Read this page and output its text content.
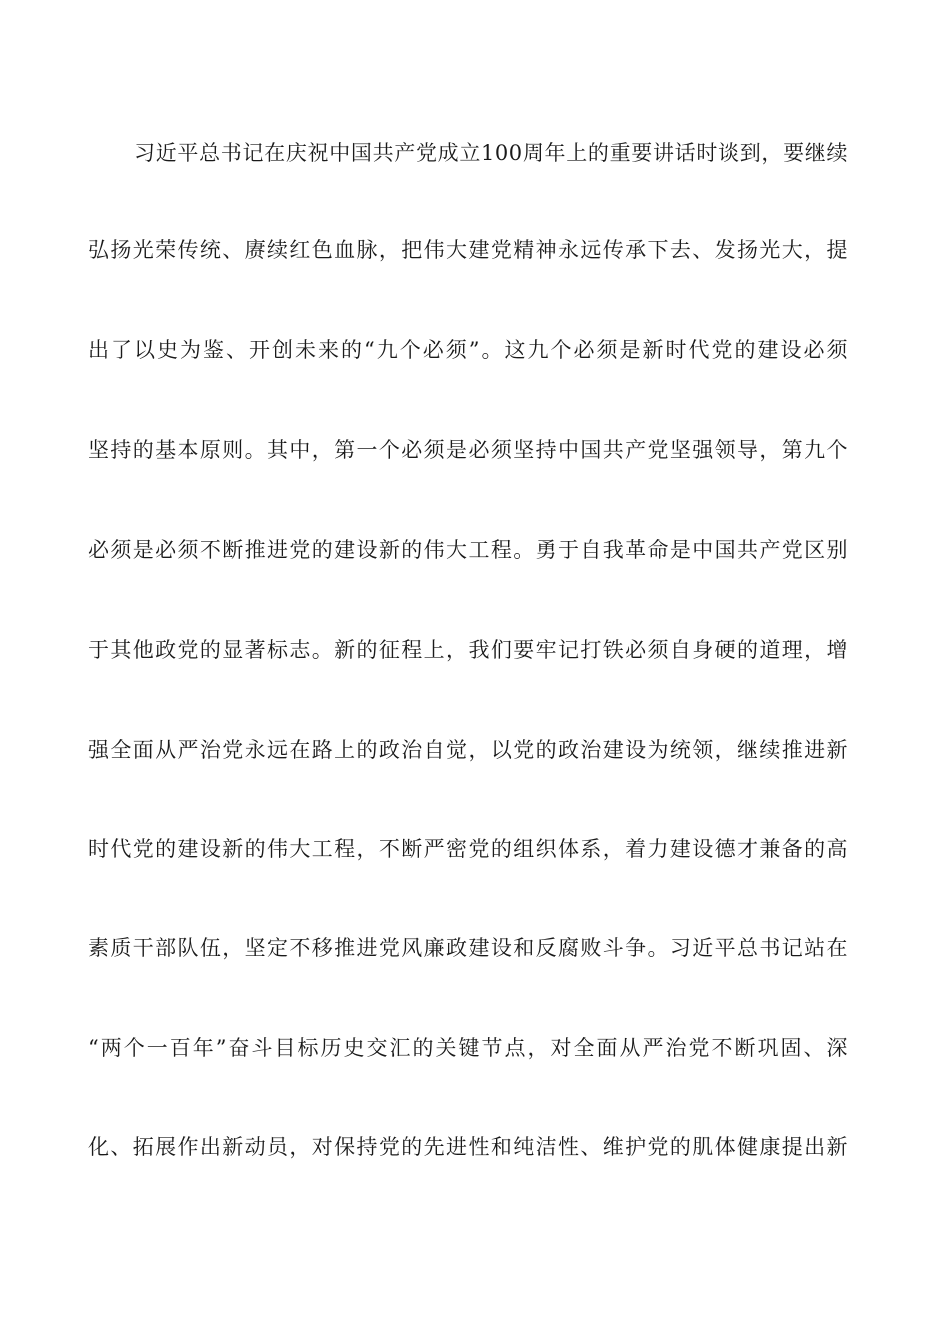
习近平总书记在庆祝中国共产党成立100周年上的重要讲话时谈到，要继续
弘扬光荣传统、赓续红色血脉，把伟大建党精神永远传承下去、发扬光大，提
出了以史为鉴、开创未来的“九个必须”。这九个必须是新时代党的建设必须
坚持的基本原则。其中，第一个必须是必须坚持中国共产党坚强领导，第九个
必须是必须不断推进党的建设新的伟大工程。勇于自我革命是中国共产党区别
于其他政党的显著标志。新的征程上，我们要牢记打铁必须自身硬的道理，增
强全面从严治党永远在路上的政治自觉，以党的政治建设为统领，继续推进新
时代党的建设新的伟大工程，不断严密党的组织体系，着力建设德才兼备的高
素质干部队伍，坚定不移推进党风廉政建设和反腐败斗争。习近平总书记站在
“两个一百年”奋斗目标历史交汇的关键节点，对全面从严治党不断巩固、深
化、拓展作出新动员，对保持党的先进性和纯洁性、维护党的肌体健康提出新
